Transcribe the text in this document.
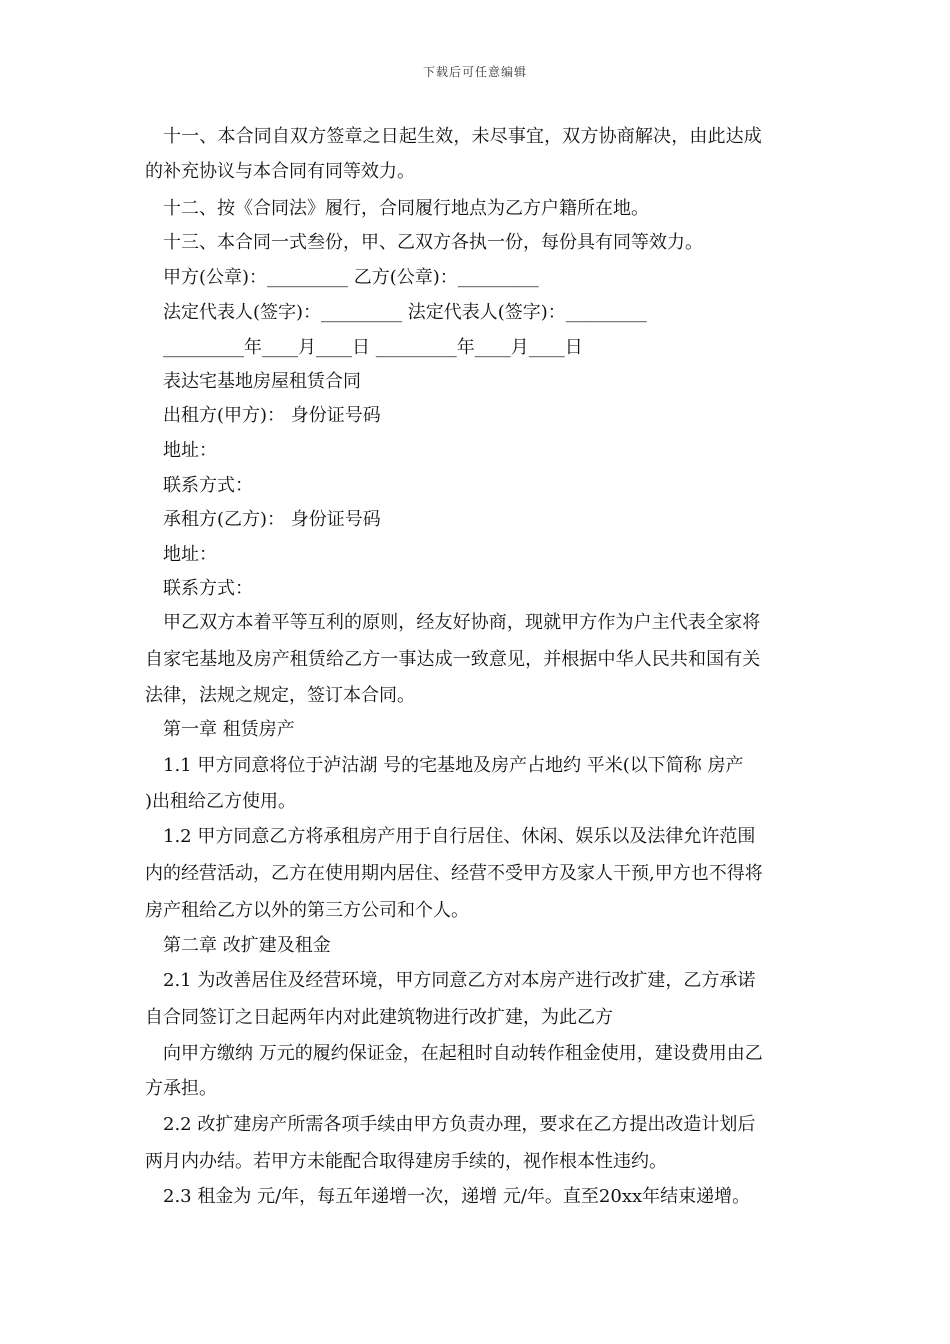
下载后可任意编辑
十一、本合同自双方签章之日起生效，未尽事宜，双方协商解决，由此达成
的补充协议与本合同有同等效力。
十二、按《合同法》履行，合同履行地点为乙方户籍所在地。
十三、本合同一式叁份，甲、乙双方各执一份，每份具有同等效力。
甲方(公章)：_________ 乙方(公章)：_________
法定代表人(签字)：_________ 法定代表人(签字)：_________
_________年____月____日 _________年____月____日
表达宅基地房屋租赁合同
出租方(甲方)： 身份证号码
地址：
联系方式：
承租方(乙方)： 身份证号码
地址：
联系方式：
甲乙双方本着平等互利的原则，经友好协商，现就甲方作为户主代表全家将
自家宅基地及房产租赁给乙方一事达成一致意见，并根据中华人民共和国有关
法律，法规之规定，签订本合同。
第一章 租赁房产
1.1 甲方同意将位于泸沽湖 号的宅基地及房产占地约 平米(以下简称 房产
)出租给乙方使用。
1.2 甲方同意乙方将承租房产用于自行居住、休闲、娱乐以及法律允许范围
内的经营活动，乙方在使用期内居住、经营不受甲方及家人干预,甲方也不得将
房产租给乙方以外的第三方公司和个人。
第二章 改扩建及租金
2.1 为改善居住及经营环境，甲方同意乙方对本房产进行改扩建，乙方承诺
自合同签订之日起两年内对此建筑物进行改扩建，为此乙方
向甲方缴纳 万元的履约保证金，在起租时自动转作租金使用，建设费用由乙
方承担。
2.2 改扩建房产所需各项手续由甲方负责办理，要求在乙方提出改造计划后
两月内办结。若甲方未能配合取得建房手续的，视作根本性违约。
2.3 租金为 元/年，每五年递增一次，递增 元/年。直至20xx年结束递增。
